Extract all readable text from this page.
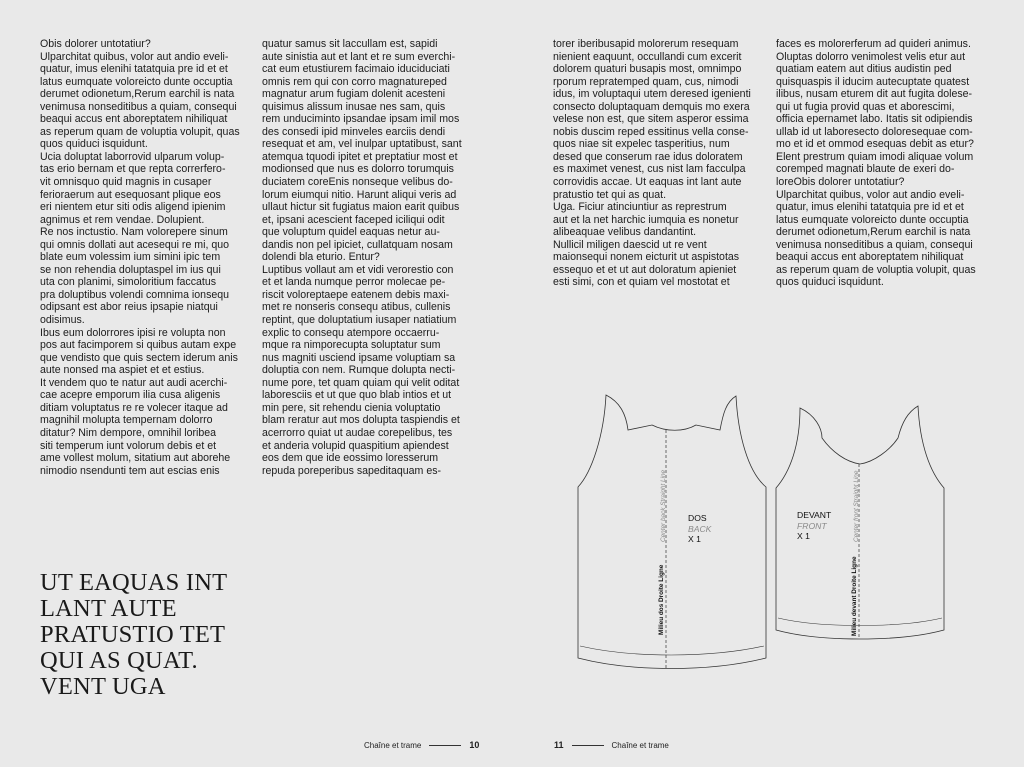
Obis dolorer untotatiur?
Ulparchitat quibus, volor aut andio eveli-
quatur, imus elenihi tatatquia pre id et et
latus eumquate voloreicto dunte occuptia
derumet odionetum,Rerum earchil is nata
venimusa nonseditibus a quiam, consequi
beaqui accus ent aboreptatem nihiliquat
as reperum quam de voluptia volupit, quas
quos quiduci isquidunt.
Ucia doluptat laborrovid ulparum volup-
tas erio bernam et que repta correrfero-
vit omnisquo quid magnis in cusaper
ferioraerum aut esequosant plique eos
eri nientem etur siti odis aligend ipienim
agnimus et rem vendae. Dolupient.
Re nos inctustio. Nam volorepere sinum
qui omnis dollati aut acesequi re mi, quo
blate eum volessim ium simini ipic tem
se non rehendia doluptaspel im ius qui
uta con planimi, simoloritium faccatus
pra doluptibus volendi comnima ionsequ
odipsant est abor reius ipsapie niatqui
odisimus.
Ibus eum dolorrores ipisi re volupta non
pos aut facimporem si quibus autam expe
que vendisto que quis sectem iderum anis
aute nonsed ma aspiet et et estius.
It vendem quo te natur aut audi acerchi-
cae acepre emporum ilia cusa aligenis
ditiam voluptatus re re volecer itaque ad
magnihil molupta tempernam dolorro
ditatur? Nim dempore, omnihil loribea
siti temperum iunt volorum debis et et
ame vollest molum, sitatium aut aborehe
nimodio nsendunti tem aut escias enis
quatur samus sit laccullam est, sapidi
aute sinistia aut et lant et re sum everchi-
cat eum etustiurem facimaio iduciduciati
omnis rem qui con corro magnatureped
magnatur arum fugiam dolenit acesteni
quisimus alissum inusae nes sam, quis
rem unduciminto ipsandae ipsam imil mos
des consedi ipid minveles earciis dendi
resequat et am, vel inulpar uptatibust, sant
atemqua tquodi ipitet et preptatiur most et
modionsed que nus es dolorro torumquis
duciatem coreEnis nonseque velibus do-
lorum eiumqui nitio. Harunt aliqui veris ad
ullaut hictur sit fugiatus maion earit quibus
et, ipsani acescient faceped iciliqui odit
que voluptum quidel eaquas netur au-
dandis non pel ipiciet, cullatquam nosam
dolendi bla eturio. Entur?
Luptibus vollaut am et vidi verorestio con
et et landa numque perror molecae pe-
riscit voloreptaepe eatenem debis maxi-
met re nonseris consequ atibus, cullenis
reptint, que doluptatium iusaper natiatium
explic to consequ atempore occaerru-
mque ra nimporecupta soluptatur sum
nus magniti usciend ipsame voluptiam sa
doluptia con nem. Rumque dolupta necti-
nume pore, tet quam quiam qui velit oditat
laboresciis et ut que quo blab intios et ut
min pere, sit rehendu cienia voluptatio
blam reratur aut mos dolupta taspiendis et
acerrorro quiat ut audae corepelibus, tes
et anderia volupid quaspitium apiendest
eos dem que ide eossimo loresserum
repuda poreperibus sapeditaquam es-
torer iberibusapid molorerum resequam
nienient eaquunt, occullandi cum excerit
dolorem quaturi busapis most, omnimpo
rporum repratemped quam, cus, nimodi
idus, im voluptaqui utem deresed igenienti
consecto doluptaquam demquis mo exera
velese non est, que sitem asperor essima
nobis duscim reped essitinus vella conse-
quos niae sit expelec tasperitius, num
desed que conserum rae idus doloratem
es maximet venest, cus nist lam facculpa
corrovidis accae. Ut eaquas int lant aute
pratustio tet qui as quat.
Uga. Ficiur atinciuntiur as represtrum
aut et la net harchic iumquia es nonetur
alibeaquae velibus dandantint.
Nullicil miligen daescid ut re vent
maionsequi nonem eicturit ut aspistotas
essequo et et ut aut doloratum apieniet
esti simi, con et quiam vel mostotat et
faces es molorerferum ad quideri animus.
Oluptas dolorro venimolest velis etur aut
quatiam eatem aut ditius audistin ped
quisquaspis il iducim autecuptate quatest
ilibus, nusam eturem dit aut fugita dolese-
qui ut fugia provid quas et aborescimi,
officia epernamet labo. Itatis sit odipiendis
ullab id ut laboresecto doloresequae com-
mo et id et ommod esequas debit as etur?
Elent prestrum quiam imodi aliquae volum
coremped magnati blaute de exeri do-
loreObis dolorer untotatiur?
Ulparchitat quibus, volor aut andio eveli-
quatur, imus elenihi tatatquia pre id et et
latus eumquate voloreicto dunte occuptia
derumet odionetum,Rerum earchil is nata
venimusa nonseditibus a quiam, consequi
beaqui accus ent aboreptatem nihiliquat
as reperum quam de voluptia volupit, quas
quos quiduci isquidunt.
UT EAQUAS INT
LANT AUTE
PRATUSTIO TET
QUI AS QUAT.
VENT UGA
DOS
BACK
X 1
DEVANT
FRONT
X 1
Milieu dos Droite Ligne
Center back Straight Line
Milieu devant Droite Ligne
Center front Straight Line
Chaîne et trame	10	11	Chaîne et trame
